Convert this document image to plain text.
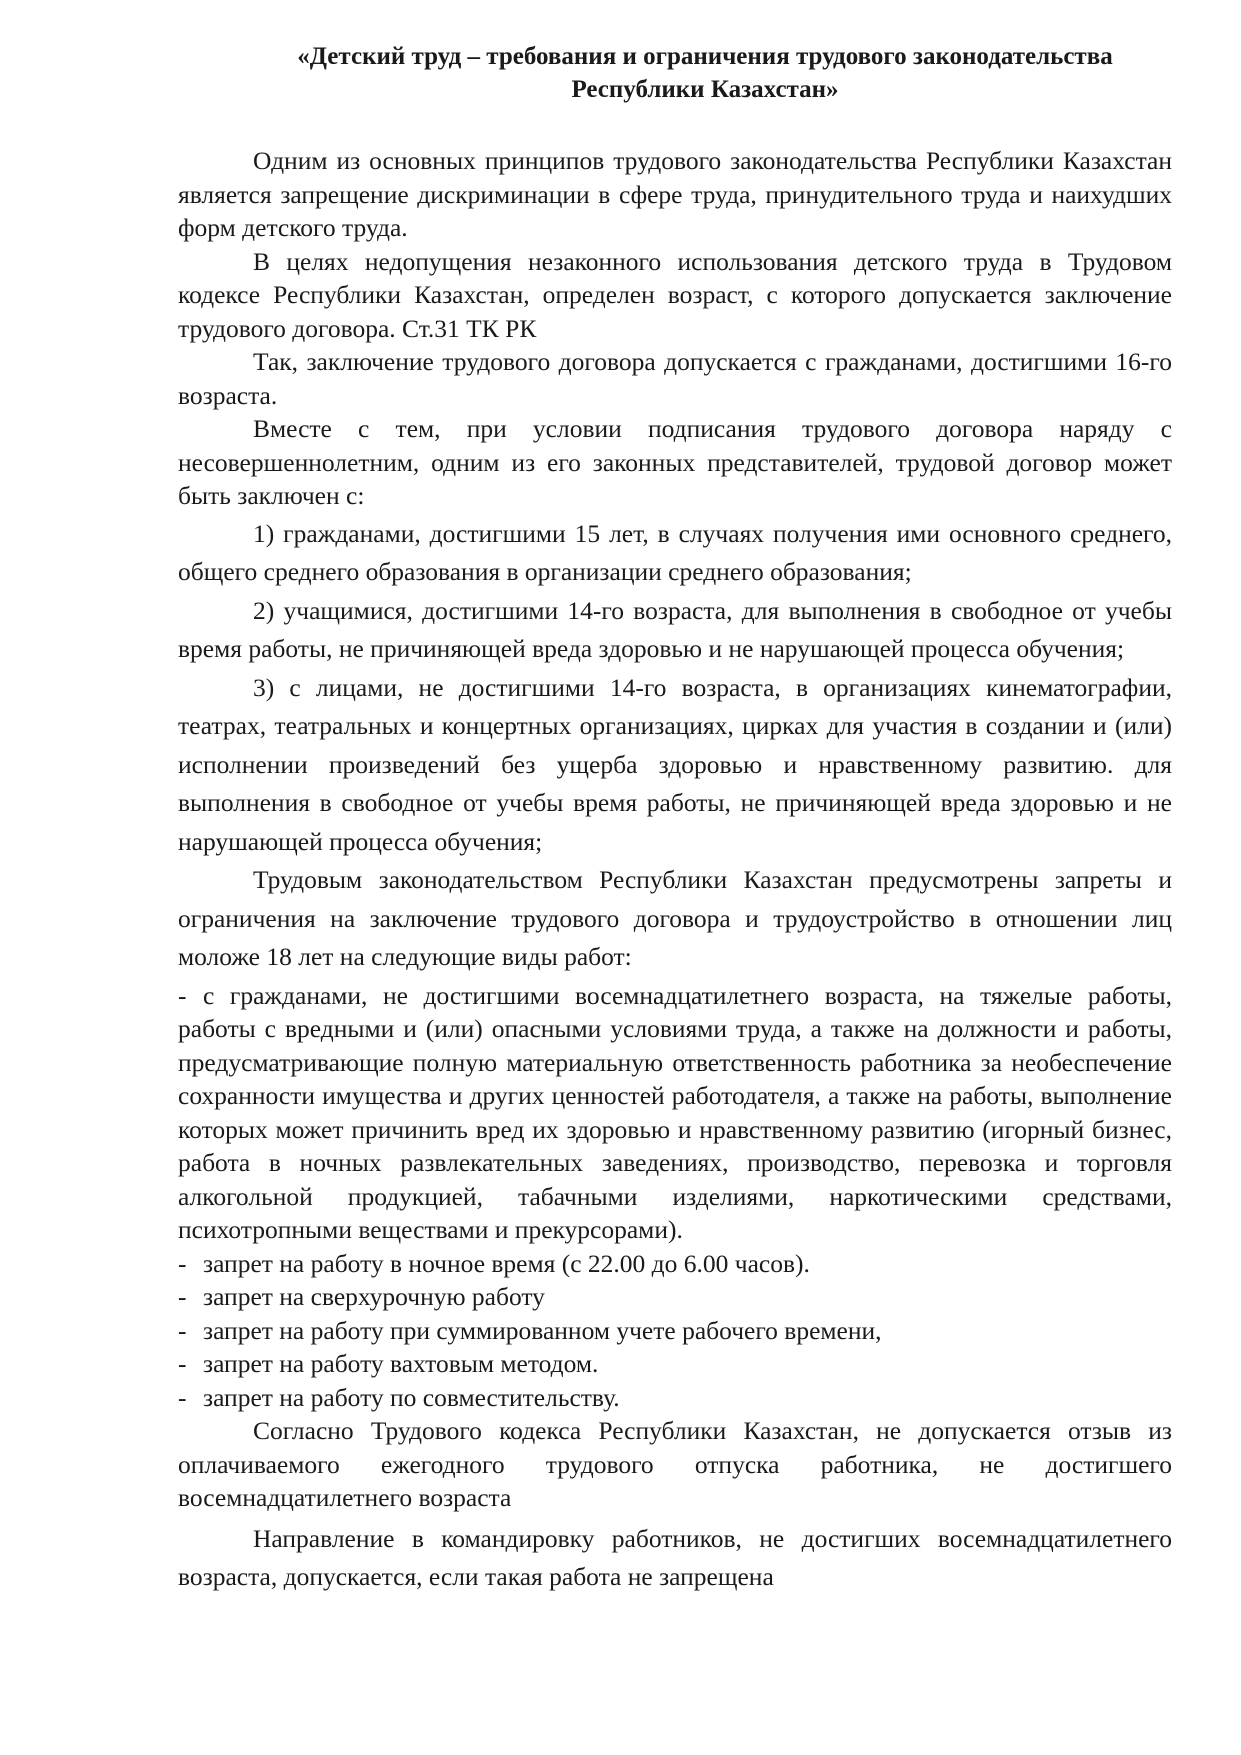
«Детский труд – требования и ограничения трудового законодательства
Республики Казахстан»

Одним из основных принципов трудового законодательства Республики Казахстан является запрещение дискриминации в сфере труда, принудительного труда и наихудших форм детского труда.

В целях недопущения незаконного использования детского труда в Трудовом кодексе Республики Казахстан, определен возраст, с которого допускается заключение трудового договора. Ст.31 ТК РК

Так, заключение трудового договора допускается с гражданами, достигшими 16-го возраста.

Вместе с тем, при условии подписания трудового договора наряду с несовершеннолетним, одним из его законных представителей, трудовой договор может быть заключен с:

1) гражданами, достигшими 15 лет, в случаях получения ими основного среднего, общего среднего образования в организации среднего образования;

2) учащимися, достигшими 14-го возраста, для выполнения в свободное от учебы время работы, не причиняющей вреда здоровью и не нарушающей процесса обучения;

3) с лицами, не достигшими 14-го возраста, в организациях кинематографии, театрах, театральных и концертных организациях, цирках для участия в создании и (или) исполнении произведений без ущерба здоровью и нравственному развитию. для выполнения в свободное от учебы время работы, не причиняющей вреда здоровью и не нарушающей процесса обучения;

Трудовым законодательством Республики Казахстан предусмотрены запреты и ограничения на заключение трудового договора и трудоустройство в отношении лиц моложе 18 лет на следующие виды работ:

- с гражданами, не достигшими восемнадцатилетнего возраста, на тяжелые работы, работы с вредными и (или) опасными условиями труда, а также на должности и работы, предусматривающие полную материальную ответственность работника за необеспечение сохранности имущества и других ценностей работодателя, а также на работы, выполнение которых может причинить вред их здоровью и нравственному развитию (игорный бизнес, работа в ночных развлекательных заведениях, производство, перевозка и торговля алкогольной продукцией, табачными изделиями, наркотическими средствами, психотропными веществами и прекурсорами).

- запрет на работу в ночное время (с 22.00 до 6.00 часов).

- запрет на сверхурочную работу

- запрет на работу при суммированном учете рабочего времени,

- запрет на работу вахтовым методом.

- запрет на работу по совместительству.

Согласно Трудового кодекса Республики Казахстан, не допускается отзыв из оплачиваемого ежегодного трудового отпуска работника, не достигшего восемнадцатилетнего возраста

Направление в командировку работников, не достигших восемнадцатилетнего возраста, допускается, если такая работа не запрещена
